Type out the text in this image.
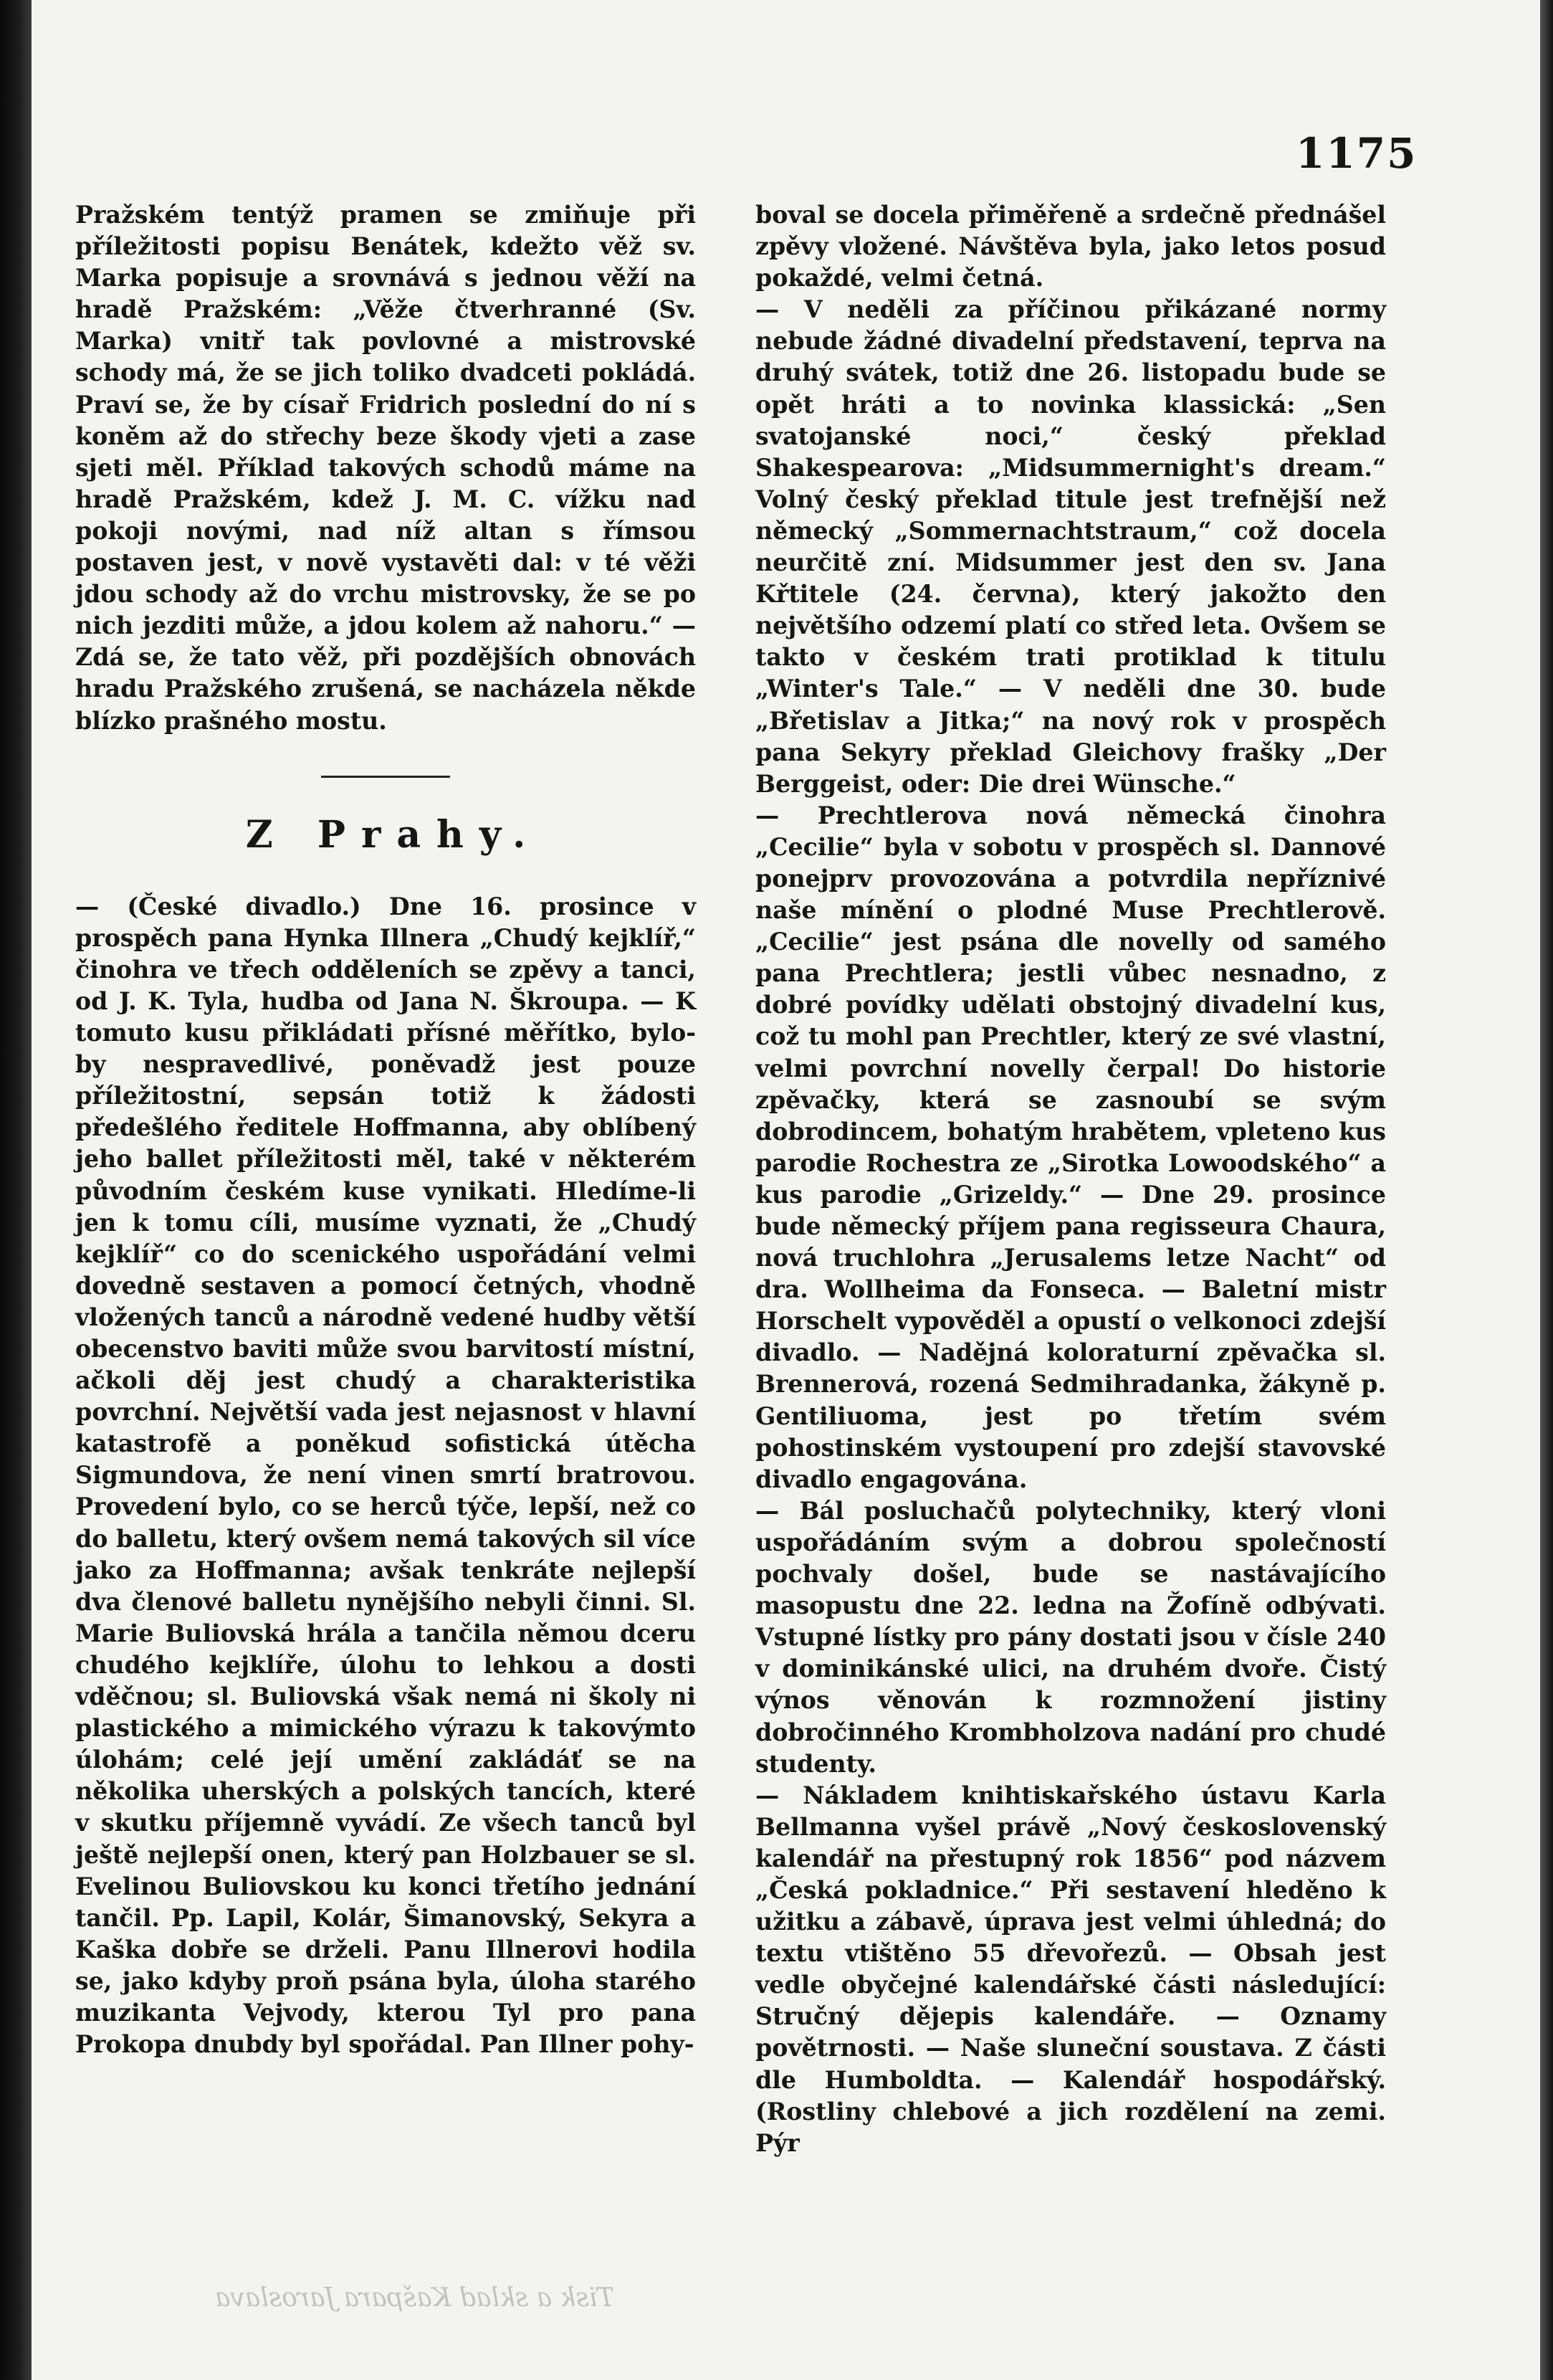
1175

Pražském tentýž pramen se zmiňuje při příležitosti popisu Benátek, kdežto věž sv. Marka popisuje a srovnává s jednou věží na hradě Pražském: „Věže čtverhranné (Sv. Marka) vnitř tak povlovné a mistrovské schody má, že se jich toliko dvadceti pokládá. Praví se, že by císař Fridrich poslední do ní s koněm až do střechy beze škody vjeti a zase sjeti měl. Příklad takových schodů máme na hradě Pražském, kdež J. M. C. vížku nad pokoji novými, nad níž altan s římsou postaven jest, v nově vystavěti dal: v té věži jdou schody až do vrchu mistrovsky, že se po nich jezditi může, a jdou kolem až nahoru.“ — Zdá se, že tato věž, při pozdějších obnovách hradu Pražského zrušená, se nacházela někde blízko prašného mostu.

Z Prahy.

— (České divadlo.) Dne 16. prosince v prospěch pana Hynka Illnera „Chudý kejklíř,“ činohra ve třech odděleních se zpěvy a tanci, od J. K. Tyla, hudba od Jana N. Škroupa. — K tomuto kusu přikládati přísné měřítko, bylo-by nespravedlivé, poněvadž jest pouze příležitostní, sepsán totiž k žádosti předešlého ředitele Hoffmanna, aby oblíbený jeho ballet příležitosti měl, také v některém původním českém kuse vynikati. Hledíme-li jen k tomu cíli, musíme vyznati, že „Chudý kejklíř“ co do scenického uspořádání velmi dovedně sestaven a pomocí četných, vhodně vložených tanců a národně vedené hudby větší obecenstvo baviti může svou barvitostí místní, ačkoli děj jest chudý a charakteristika povrchní. Největší vada jest nejasnost v hlavní katastrofě a poněkud sofistická útěcha Sigmundova, že není vinen smrtí bratrovou. Provedení bylo, co se herců týče, lepší, než co do balletu, který ovšem nemá takových sil více jako za Hoffmanna; avšak tenkráte nejlepší dva členové balletu nynějšího nebyli činni. Sl. Marie Buliovská hrála a tančila němou dceru chudého kejklíře, úlohu to lehkou a dosti vděčnou; sl. Buliovská však nemá ni školy ni plastického a mimického výrazu k takovýmto úlohám; celé její umění zakládáť se na několika uherských a polských tancích, které v skutku příjemně vyvádí. Ze všech tanců byl ještě nejlepší onen, který pan Holzbauer se sl. Evelinou Buliovskou ku konci třetího jednání tančil. Pp. Lapil, Kolár, Šimanovský, Sekyra a Kaška dobře se drželi. Panu Illnerovi hodila se, jako kdyby proň psána byla, úloha starého muzikanta Vejvody, kterou Tyl pro pana Prokopa dnubdy byl spořádal. Pan Illner pohy-

boval se docela přiměřeně a srdečně přednášel zpěvy vložené. Návštěva byla, jako letos posud pokaždé, velmi četná.

— V neděli za příčinou přikázané normy nebude žádné divadelní představení, teprva na druhý svátek, totiž dne 26. listopadu bude se opět hráti a to novinka klassická: „Sen svatojanské noci,“ český překlad Shakespearova: „Midsummernight's dream.“ Volný český překlad titule jest trefnější než německý „Sommernachtstraum,“ což docela neurčitě zní. Midsummer jest den sv. Jana Křtitele (24. června), který jakožto den největšího odzemí platí co střed leta. Ovšem se takto v českém trati protiklad k titulu „Winter's Tale.“ — V neděli dne 30. bude „Břetislav a Jitka;“ na nový rok v prospěch pana Sekyry překlad Gleichovy frašky „Der Berggeist, oder: Die drei Wünsche.“

— Prechtlerova nová německá činohra „Cecilie“ byla v sobotu v prospěch sl. Dannové ponejprv provozována a potvrdila nepříznivé naše mínění o plodné Muse Prechtlerově. „Cecilie“ jest psána dle novelly od samého pana Prechtlera; jestli vůbec nesnadno, z dobré povídky udělati obstojný divadelní kus, což tu mohl pan Prechtler, který ze své vlastní, velmi povrchní novelly čerpal! Do historie zpěvačky, která se zasnoubí se svým dobrodincem, bohatým hrabětem, vpleteno kus parodie Rochestra ze „Sirotka Lowoodského“ a kus parodie „Grizeldy.“ — Dne 29. prosince bude německý příjem pana regisseura Chaura, nová truchlohra „Jerusalems letze Nacht“ od dra. Wollheima da Fonseca. — Baletní mistr Horschelt vypověděl a opustí o velkonoci zdejší divadlo. — Nadějná koloraturní zpěvačka sl. Brennerová, rozená Sedmihradanka, žákyně p. Gentiliuoma, jest po třetím svém pohostinském vystoupení pro zdejší stavovské divadlo engagována.

— Bál posluchačů polytechniky, který vloni uspořádáním svým a dobrou společností pochvaly došel, bude se nastávajícího masopustu dne 22. ledna na Žofíně odbývati. Vstupné lístky pro pány dostati jsou v čísle 240 v dominikánské ulici, na druhém dvoře. Čistý výnos věnován k rozmnožení jistiny dobročinného Krombholzova nadání pro chudé studenty.

— Nákladem knihtiskařského ústavu Karla Bellmanna vyšel právě „Nový československý kalendář na přestupný rok 1856“ pod názvem „Česká pokladnice.“ Při sestavení hleděno k užitku a zábavě, úprava jest velmi úhledná; do textu vtištěno 55 dřevořezů. — Obsah jest vedle obyčejné kalendářské části následující: Stručný dějepis kalendáře. — Oznamy povětrnosti. — Naše sluneční soustava. Z části dle Humboldta. — Kalendář hospodářský. (Rostliny chlebové a jich rozdělení na zemi. Pýr

Tisk a sklad Kašpara Jaroslava
